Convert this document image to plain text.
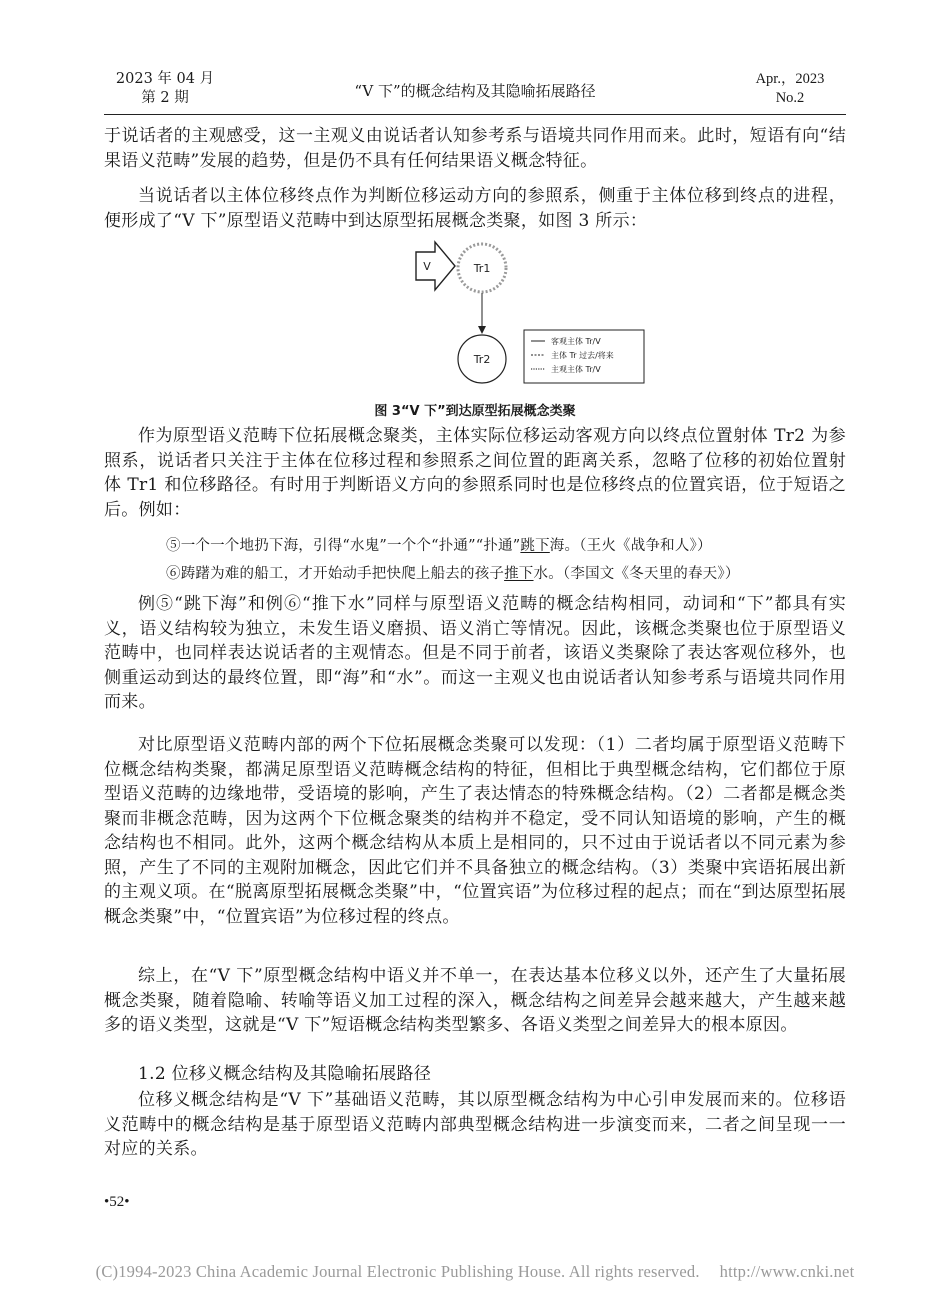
2023 年 04 月
第 2 期	“V 下”的概念结构及其隐喻拓展路径
Apr.，2023
No.2

于说话者的主观感受，这一主观义由说话者认知参考系与语境共同作用而来。此时，短语有向“结果语义范畴”发展的趋势，但是仍不具有任何结果语义概念特征。

当说话者以主体位移终点作为判断位移运动方向的参照系，侧重于主体位移到终点的进程，便形成了“V 下”原型语义范畴中到达原型拓展概念类聚，如图 3 所示：

V	Tr1
Tr2
客观主体 Tr/V
主体 Tr 过去/将来
主观主体 Tr/V
图 3“V 下”到达原型拓展概念类聚

作为原型语义范畴下位拓展概念聚类，主体实际位移运动客观方向以终点位置射体 Tr2 为参照系，说话者只关注于主体在位移过程和参照系之间位置的距离关系，忽略了位移的初始位置射体 Tr1 和位移路径。有时用于判断语义方向的参照系同时也是位移终点的位置宾语，位于短语之后。例如：

⑤一个一个地扔下海，引得“水鬼”一个个“扑通”“扑通”跳下海。（王火《战争和人》）

⑥踌躇为难的船工，才开始动手把快爬上船去的孩子推下水。（李国文《冬天里的春天》）

例⑤“跳下海”和例⑥“推下水”同样与原型语义范畴的概念结构相同，动词和“下”都具有实义，语义结构较为独立，未发生语义磨损、语义消亡等情况。因此，该概念类聚也位于原型语义范畴中，也同样表达说话者的主观情态。但是不同于前者，该语义类聚除了表达客观位移外，也侧重运动到达的最终位置，即“海”和“水”。而这一主观义也由说话者认知参考系与语境共同作用而来。

对比原型语义范畴内部的两个下位拓展概念类聚可以发现：（1）二者均属于原型语义范畴下位概念结构类聚，都满足原型语义范畴概念结构的特征，但相比于典型概念结构，它们都位于原型语义范畴的边缘地带，受语境的影响，产生了表达情态的特殊概念结构。（2）二者都是概念类聚而非概念范畴，因为这两个下位概念聚类的结构并不稳定，受不同认知语境的影响，产生的概念结构也不相同。此外，这两个概念结构从本质上是相同的，只不过由于说话者以不同元素为参照，产生了不同的主观附加概念，因此它们并不具备独立的概念结构。（3）类聚中宾语拓展出新的主观义项。在“脱离原型拓展概念类聚”中，“位置宾语”为位移过程的起点；而在“到达原型拓展概念类聚”中，“位置宾语”为位移过程的终点。

综上，在“V 下”原型概念结构中语义并不单一，在表达基本位移义以外，还产生了大量拓展概念类聚，随着隐喻、转喻等语义加工过程的深入，概念结构之间差异会越来越大，产生越来越多的语义类型，这就是“V 下”短语概念结构类型繁多、各语义类型之间差异大的根本原因。

1.2 位移义概念结构及其隐喻拓展路径

位移义概念结构是“V 下”基础语义范畴，其以原型概念结构为中心引申发展而来的。位移语义范畴中的概念结构是基于原型语义范畴内部典型概念结构进一步演变而来，二者之间呈现一一对应的关系。

•52•
(C)1994-2023 China Academic Journal Electronic Publishing House. All rights reserved. http://www.cnki.net
